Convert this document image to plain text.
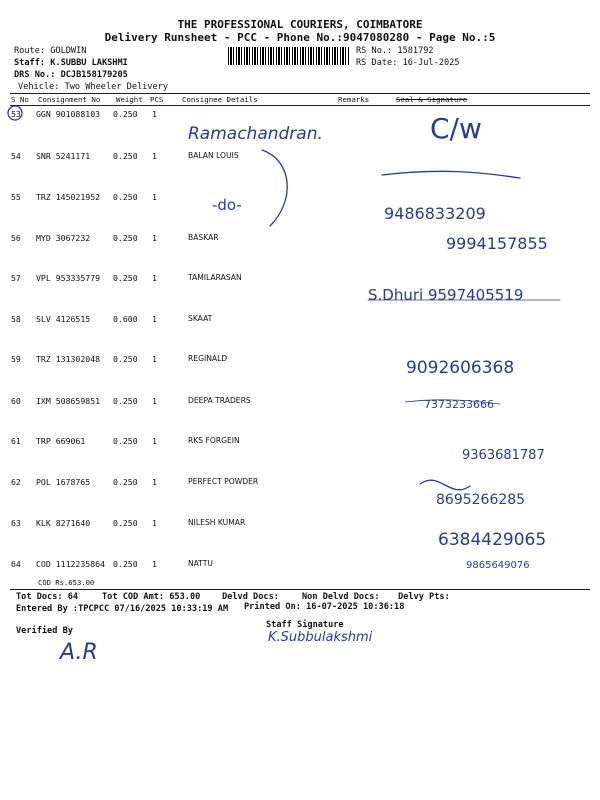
THE PROFESSIONAL COURIERS, COIMBATORE
Delivery Runsheet - PCC - Phone No.:9047080280 - Page No.:5
Route: GOLDWIN
Staff: K.SUBBU LAKSHMI
DRS No.: DCJB158179205
Vehicle: Two Wheeler Delivery
RS No.: 1581792
RS Date: 16-Jul-2025
S No Consignment No Weight PCS	Consignee Details	Remarks	Seal & Signature
53 GGN 901088103 0.250 1
54 SNR 5241171	0.250 1	BALAN LOUIS
55 TRZ 145021952 0.250 1
56 MYD 3067232	0.250 1	BASKAR
57 VPL 953335779 0.250 1	TAMILARASAN
58 SLV 4126515	0.600 1	SKAAT
59 TRZ 131302048 0.250 1	REGINALD
60 IXM 508659851 0.250 1	DEEPA TRADERS
61 TRP 669061	0.250 1	RKS FORGEIN
62 POL 1678765	0.250 1	PERFECT POWDER
63 KLK 8271640	0.250 1	NILESH KUMAR
64 COD 1112235864 0.250 1	NATTU
COD Rs.653.00
Tot Docs: 64	Tot COD Amt: 653.00	Delvd Docs:	Non Delvd Docs: Delvy Pts:
Entered By :TPCPCC 07/16/2025 10:33:19 AM Printed On: 16-07-2025 10:36:18
Verified By
Staff Signature
Ramachandran.
-do-
C/w
9486833209
9994157855
S.Dhuri 9597405519
9092606368
7373233666
9363681787
8695266285
6384429065
9865649076
A.R
K.Subbulakshmi
